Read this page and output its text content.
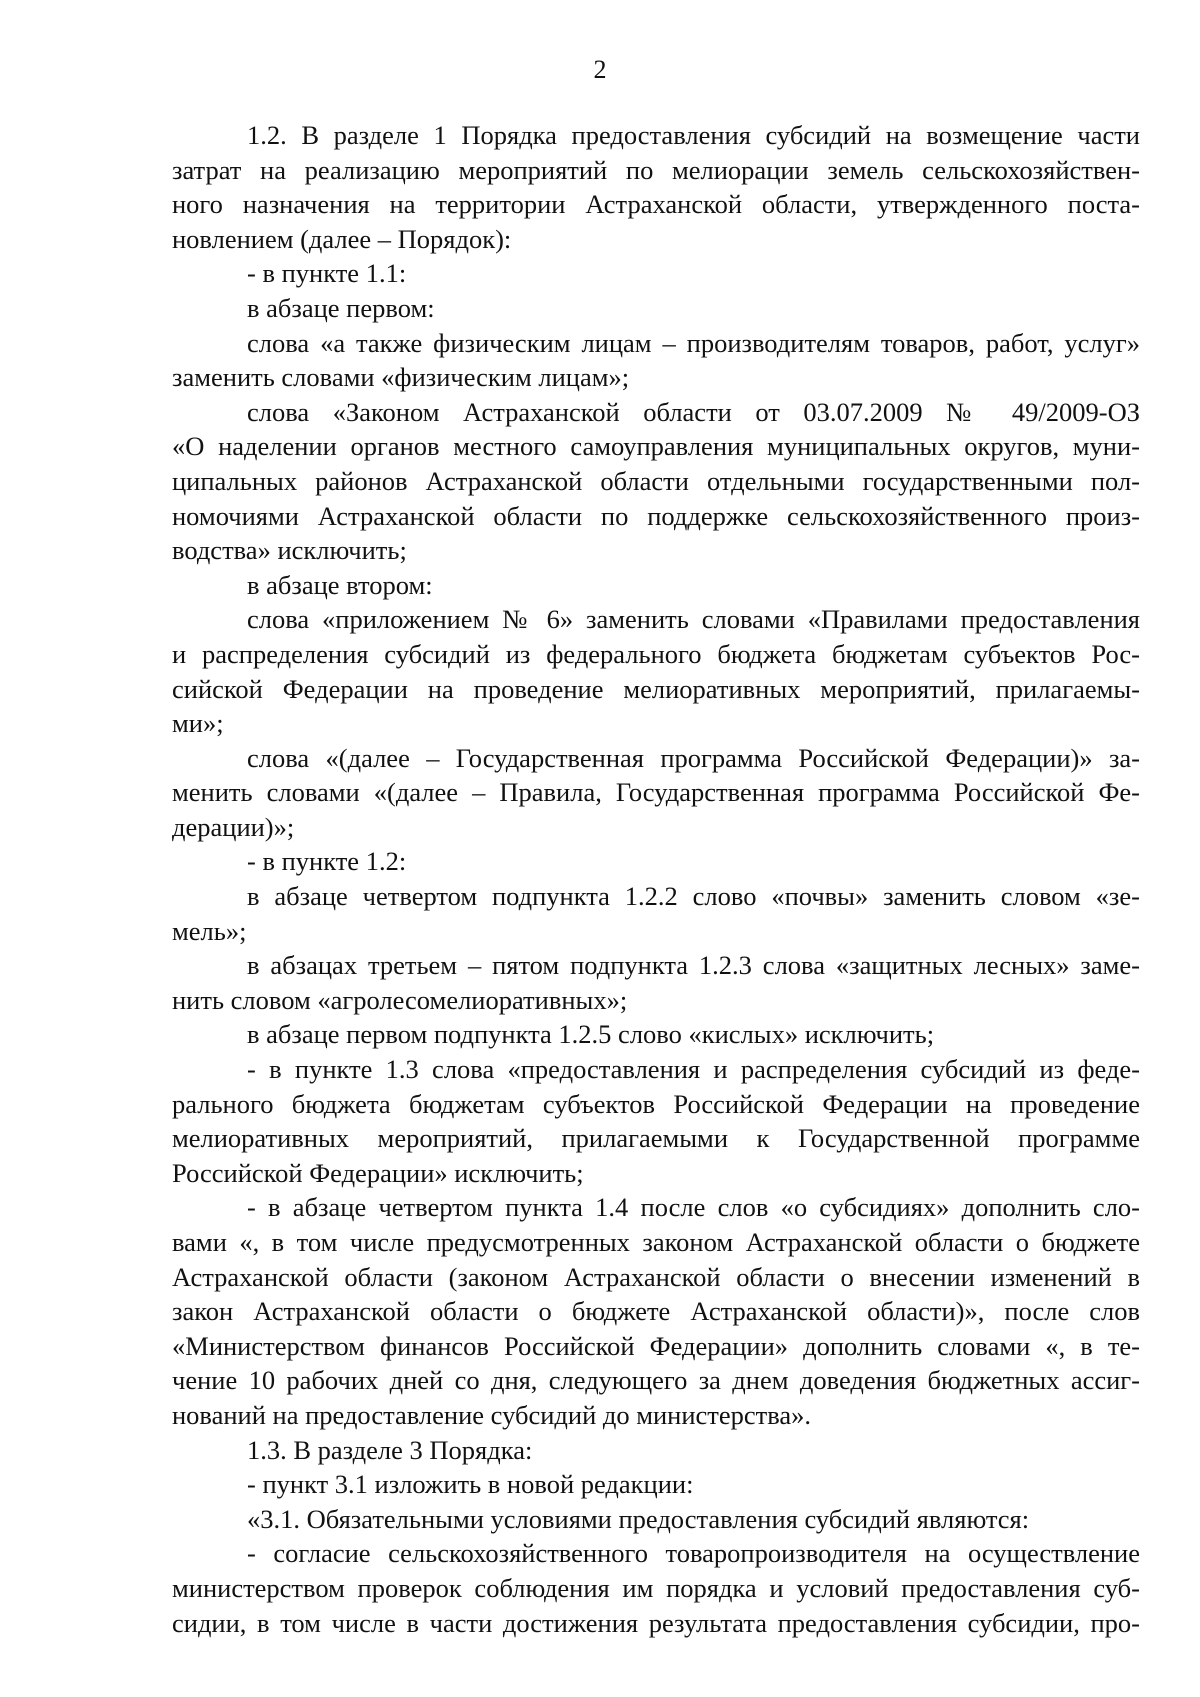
2
1.2. В разделе 1 Порядка предоставления субсидий на возмещение части
затрат на реализацию мероприятий по мелиорации земель сельскохозяйствен-
ного назначения на территории Астраханской области, утвержденного поста-
новлением (далее – Порядок):
- в пункте 1.1:
в абзаце первом:
слова «а также физическим лицам – производителям товаров, работ, услуг»
заменить словами «физическим лицам»;
слова «Законом Астраханской области от 03.07.2009 № 49/2009-ОЗ
«О наделении органов местного самоуправления муниципальных округов, муни-
ципальных районов Астраханской области отдельными государственными пол-
номочиями Астраханской области по поддержке сельскохозяйственного произ-
водства» исключить;
в абзаце втором:
слова «приложением № 6» заменить словами «Правилами предоставления
и распределения субсидий из федерального бюджета бюджетам субъектов Рос-
сийской Федерации на проведение мелиоративных мероприятий, прилагаемы-
ми»;
слова «(далее – Государственная программа Российской Федерации)» за-
менить словами «(далее – Правила, Государственная программа Российской Фе-
дерации)»;
- в пункте 1.2:
в абзаце четвертом подпункта 1.2.2 слово «почвы» заменить словом «зе-
мель»;
в абзацах третьем – пятом подпункта 1.2.3 слова «защитных лесных» заме-
нить словом «агролесомелиоративных»;
в абзаце первом подпункта 1.2.5 слово «кислых» исключить;
- в пункте 1.3 слова «предоставления и распределения субсидий из феде-
рального бюджета бюджетам субъектов Российской Федерации на проведение
мелиоративных мероприятий, прилагаемыми к Государственной программе
Российской Федерации» исключить;
- в абзаце четвертом пункта 1.4 после слов «о субсидиях» дополнить сло-
вами «, в том числе предусмотренных законом Астраханской области о бюджете
Астраханской области (законом Астраханской области о внесении изменений в
закон Астраханской области о бюджете Астраханской области)», после слов
«Министерством финансов Российской Федерации» дополнить словами «, в те-
чение 10 рабочих дней со дня, следующего за днем доведения бюджетных ассиг-
нований на предоставление субсидий до министерства».
1.3. В разделе 3 Порядка:
- пункт 3.1 изложить в новой редакции:
«3.1. Обязательными условиями предоставления субсидий являются:
- согласие сельскохозяйственного товаропроизводителя на осуществление
министерством проверок соблюдения им порядка и условий предоставления суб-
сидии, в том числе в части достижения результата предоставления субсидии, про-
